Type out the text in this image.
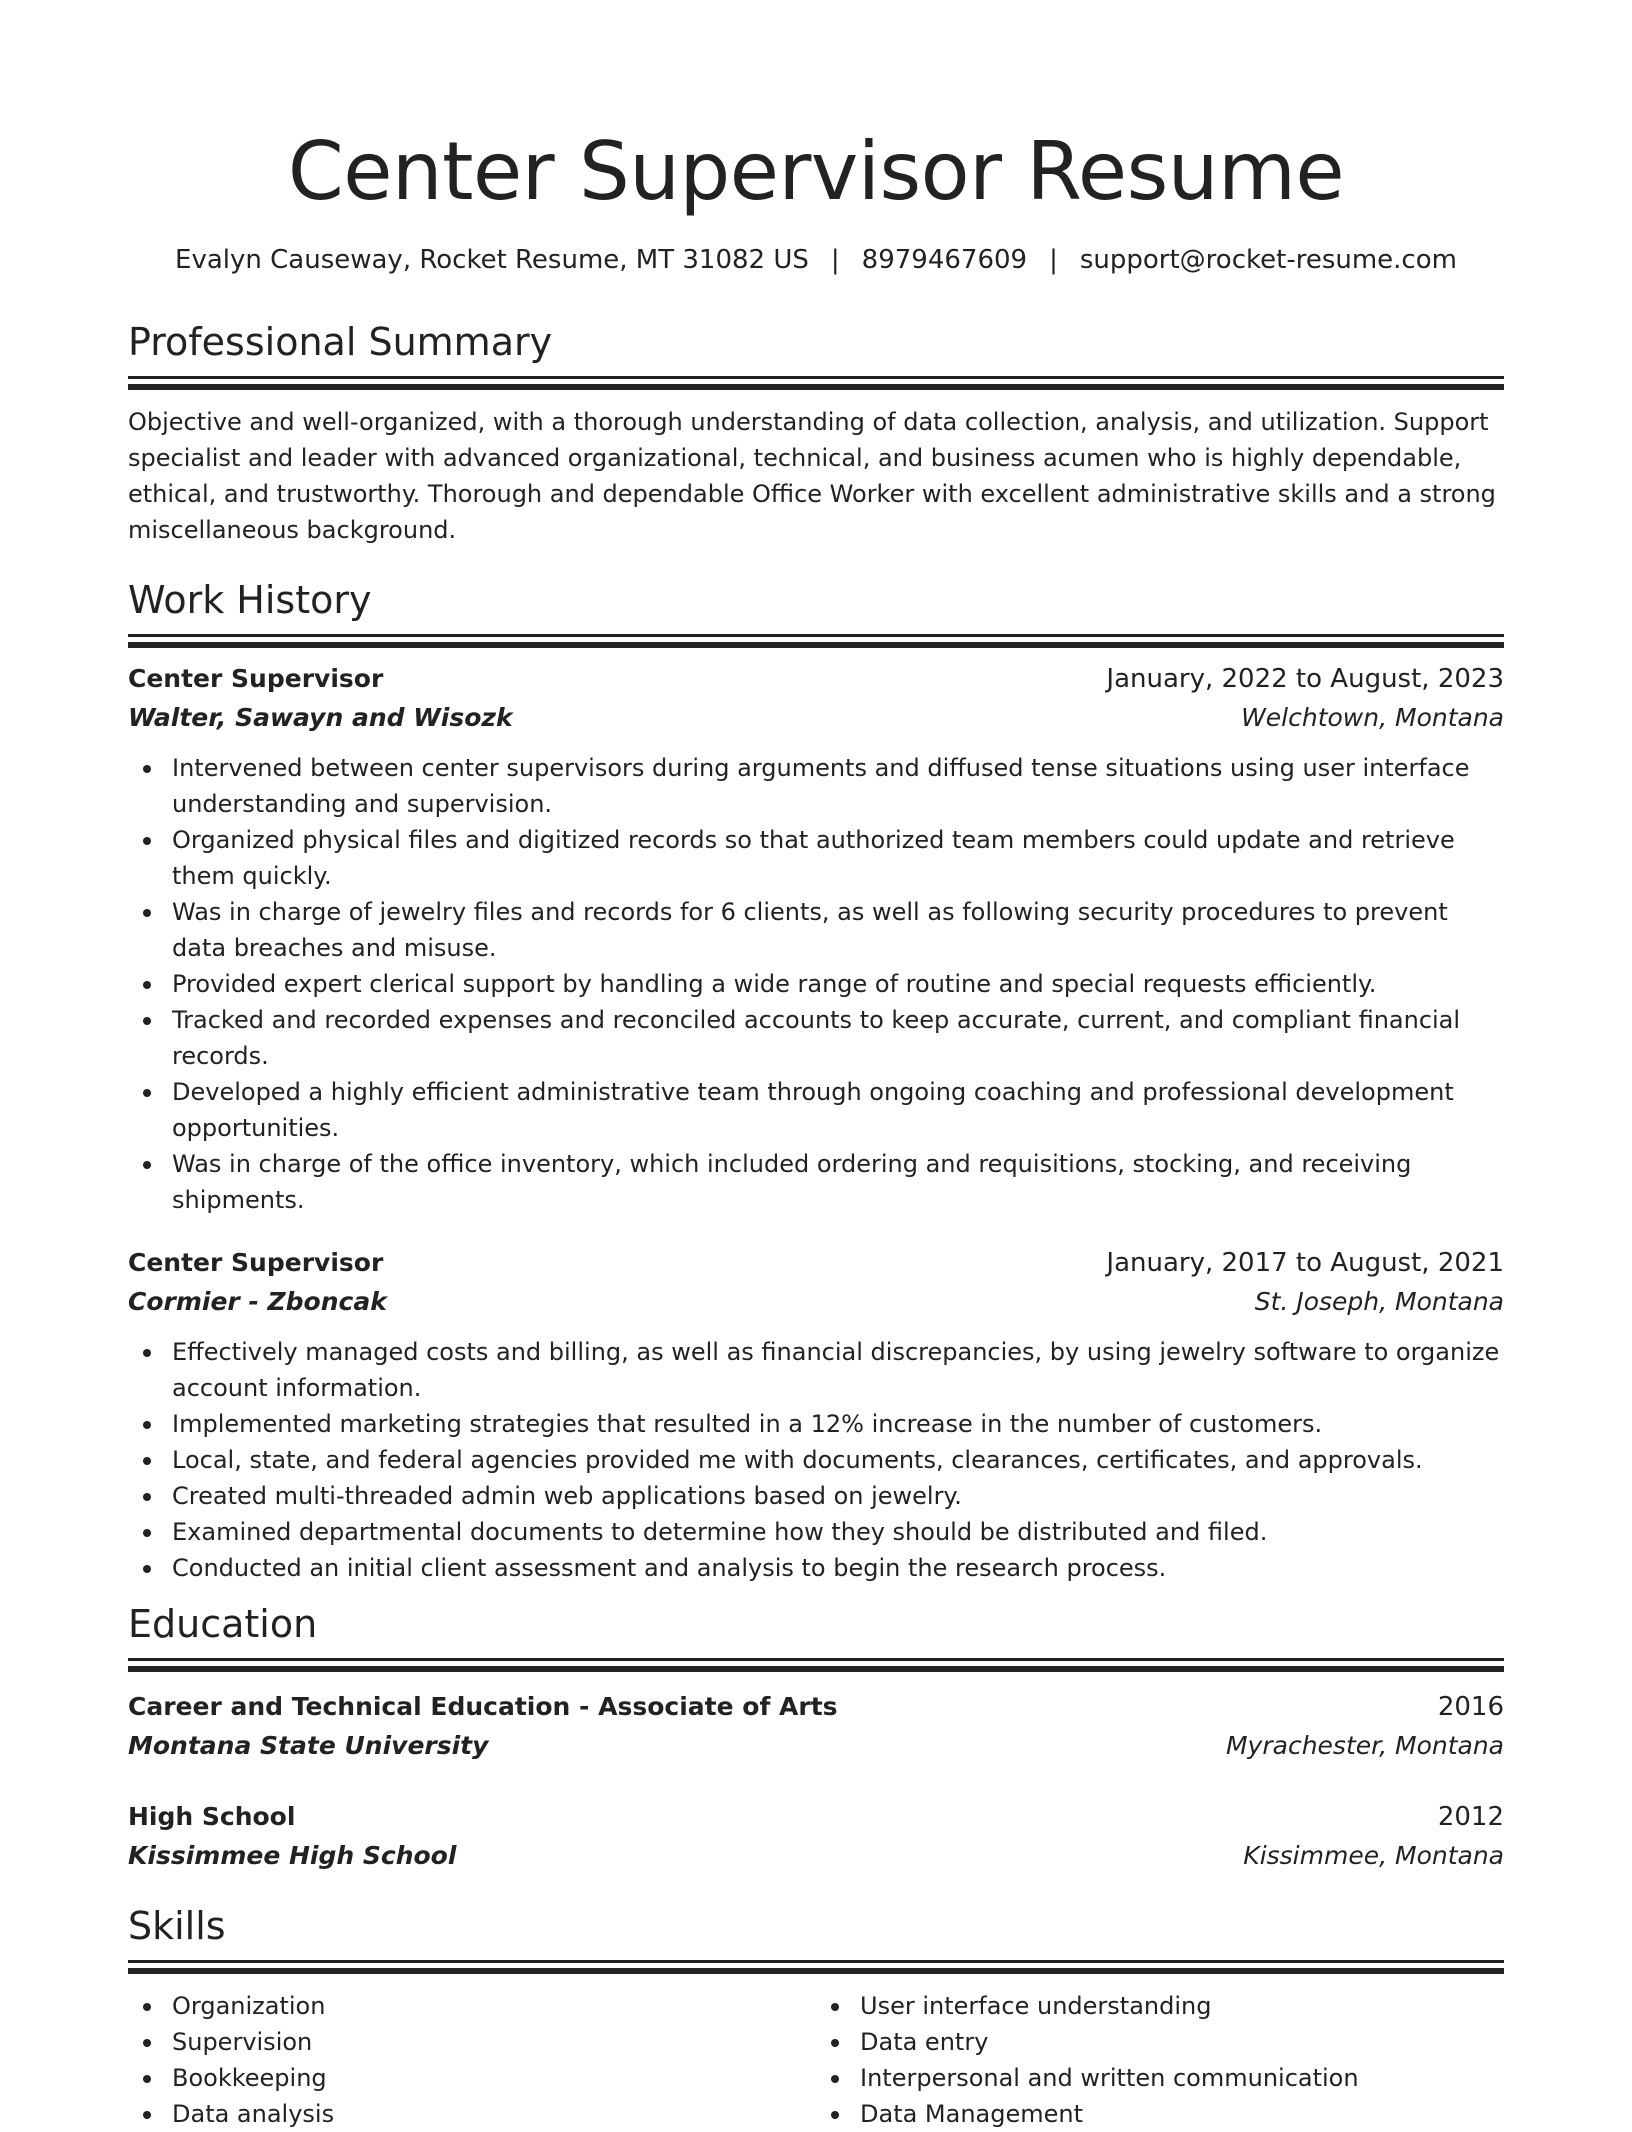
Center Supervisor Resume
Evalyn Causeway, Rocket Resume, MT 31082 US | 8979467609 | support@rocket-resume.com
Professional Summary
Objective and well-organized, with a thorough understanding of data collection, analysis, and utilization. Support specialist and leader with advanced organizational, technical, and business acumen who is highly dependable, ethical, and trustworthy. Thorough and dependable Office Worker with excellent administrative skills and a strong miscellaneous background.
Work History
Center Supervisor	January, 2022 to August, 2023
Walter, Sawayn and Wisozk	Welchtown, Montana
Intervened between center supervisors during arguments and diffused tense situations using user interface understanding and supervision.
Organized physical files and digitized records so that authorized team members could update and retrieve them quickly.
Was in charge of jewelry files and records for 6 clients, as well as following security procedures to prevent data breaches and misuse.
Provided expert clerical support by handling a wide range of routine and special requests efficiently.
Tracked and recorded expenses and reconciled accounts to keep accurate, current, and compliant financial records.
Developed a highly efficient administrative team through ongoing coaching and professional development opportunities.
Was in charge of the office inventory, which included ordering and requisitions, stocking, and receiving shipments.
Center Supervisor	January, 2017 to August, 2021
Cormier - Zboncak	St. Joseph, Montana
Effectively managed costs and billing, as well as financial discrepancies, by using jewelry software to organize account information.
Implemented marketing strategies that resulted in a 12% increase in the number of customers.
Local, state, and federal agencies provided me with documents, clearances, certificates, and approvals.
Created multi-threaded admin web applications based on jewelry.
Examined departmental documents to determine how they should be distributed and filed.
Conducted an initial client assessment and analysis to begin the research process.
Education
Career and Technical Education - Associate of Arts	2016
Montana State University	Myrachester, Montana
High School	2012
Kissimmee High School	Kissimmee, Montana
Skills
Organization
Supervision
Bookkeeping
Data analysis
User interface understanding
Data entry
Interpersonal and written communication
Data Management
